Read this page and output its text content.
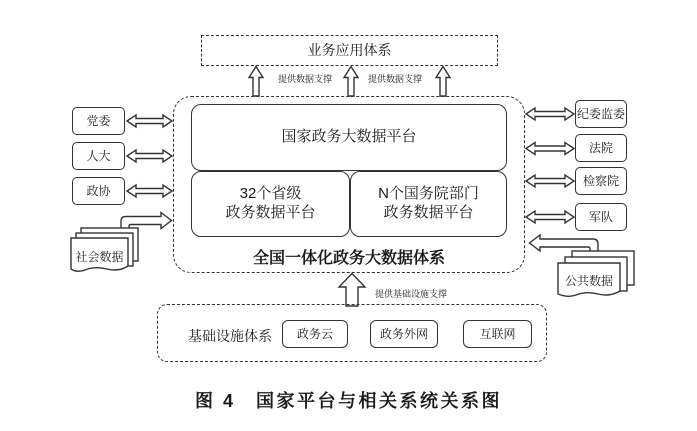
业务应用体系
提供数据支撑	提供数据支撑
国家政务大数据平台
32个省级
政务数据平台
N个国务院部门
政务数据平台
全国一体化政务大数据体系
党委
人大
政协
社会数据
纪委监委
法院
检察院
军队
公共数据
提供基础设施支撑
基础设施体系	政务云	政务外网	互联网
图 4　国家平台与相关系统关系图
